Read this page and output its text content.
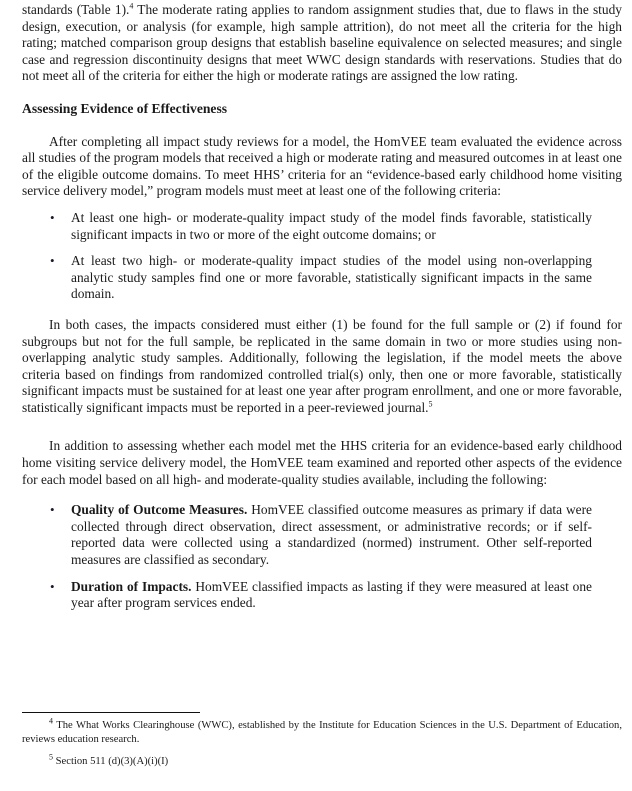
standards (Table 1).$^4$ The moderate rating applies to random assignment studies that, due to flaws in the study design, execution, or analysis (for example, high sample attrition), do not meet all the criteria for the high rating; matched comparison group designs that establish baseline equivalence on selected measures; and single case and regression discontinuity designs that meet WWC design standards with reservations. Studies that do not meet all of the criteria for either the high or moderate ratings are assigned the low rating.

Assessing Evidence of Effectiveness

After completing all impact study reviews for a model, the HomVEE team evaluated the evidence across all studies of the program models that received a high or moderate rating and measured outcomes in at least one of the eligible outcome domains. To meet HHS’ criteria for an “evidence-based early childhood home visiting service delivery model,” program models must meet at least one of the following criteria:

• At least one high- or moderate-quality impact study of the model finds favorable, statistically significant impacts in two or more of the eight outcome domains; or
• At least two high- or moderate-quality impact studies of the model using non-overlapping analytic study samples find one or more favorable, statistically significant impacts in the same domain.

In both cases, the impacts considered must either (1) be found for the full sample or (2) if found for subgroups but not for the full sample, be replicated in the same domain in two or more studies using non-overlapping analytic study samples. Additionally, following the legislation, if the model meets the above criteria based on findings from randomized controlled trial(s) only, then one or more favorable, statistically significant impacts must be sustained for at least one year after program enrollment, and one or more favorable, statistically significant impacts must be reported in a peer-reviewed journal.$^5$

In addition to assessing whether each model met the HHS criteria for an evidence-based early childhood home visiting service delivery model, the HomVEE team examined and reported other aspects of the evidence for each model based on all high- and moderate-quality studies available, including the following:

• Quality of Outcome Measures. HomVEE classified outcome measures as primary if data were collected through direct observation, direct assessment, or administrative records; or if self-reported data were collected using a standardized (normed) instrument. Other self-reported measures are classified as secondary.
• Duration of Impacts. HomVEE classified impacts as lasting if they were measured at least one year after program services ended.

$^4$ The What Works Clearinghouse (WWC), established by the Institute for Education Sciences in the U.S. Department of Education, reviews education research.

$^5$ Section 511 (d)(3)(A)(i)(I)
